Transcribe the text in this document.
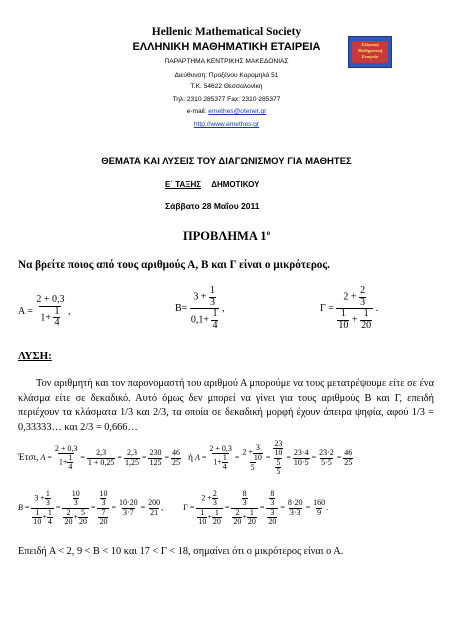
Hellenic Mathematical Society
ΕΛΛΗΝΙΚΗ ΜΑΘΗΜΑΤΙΚΗ ΕΤΑΙΡΕΙΑ
ΠΑΡΑΡΤΗΜΑ ΚΕΝΤΡΙΚΗΣ ΜΑΚΕΔΟΝΙΑΣ
Διεύθυνση: Προξένου Κορομηλά 51
Τ.Κ. 54622 Θεσσαλονίκη
Τηλ: 2310 285377 Fax: 2310 285377
e-mail: emethes@otenet.gr
http://www.emethes.gr
Ελληνική Μαθηματική Εταιρεία
ΘΕΜΑΤΑ ΚΑΙ ΛΥΣΕΙΣ ΤΟΥ ΔΙΑΓΩΝΙΣΜΟΥ ΓΙΑ ΜΑΘΗΤΕΣ
Ε΄ ΤΑΞΗΣ ΔΗΜΟΤΙΚΟΥ
Σάββατο 28 Μαΐου 2011
ΠΡΟΒΛΗΜΑ $1^o$
Να βρείτε ποιος από τους αριθμούς Α, Β και Γ είναι ο μικρότερος.
$A = \frac{2 + 0,3}{1+ \frac{1}{4}}$ ,	$B= \frac{3 + \frac{1}{3}}{0,1+ \frac{1}{4}}$ ,	$\Gamma = \frac{2 + \frac{2}{3}}{\frac{1}{10} + \frac{1}{20}}$ .
ΛΥΣΗ:
Τον αριθμητή και τον παρονομαστή του αριθμού Α μπορούμε να τους μετατρέψουμε είτε σε ένα κλάσμα είτε σε δεκαδικό. Αυτό όμως δεν μπορεί να γίνει για τους αριθμούς Β και Γ, επειδή περιέχουν τα κλάσματα 1/3 και 2/3, τα οποία σε δεκαδική μορφή έχουν άπειρα ψηφία, αφού 1/3 = 0,33333… και 2/3 = 0,666…
Έτσι, $A = \frac{2 + 0,3}{1+ \frac{1}{4}} = \frac{2,3}{1 + 0,25} = \frac{2,3}{1,25} = \frac{230}{125} = \frac{46}{25}$ ή $A = \frac{2 + 0,3}{1+ \frac{1}{4}} = \frac{2 + \frac{3}{10}}{5} = \frac{\frac{23}{10}}{\frac{5}{5}} = \frac{23\cdot 4}{10\cdot 5} = \frac{23\cdot 2}{5\cdot 5} = \frac{46}{25}$
$B = \frac{3 + \frac{1}{3}}{\frac{1}{10} + \frac{1}{4}} = \frac{\frac{10}{3}}{\frac{2}{20} + \frac{5}{20}} = \frac{\frac{10}{3}}{\frac{7}{20}} = \frac{10\cdot 20}{3\cdot 7} = \frac{200}{21}$ ,	$\Gamma = \frac{2 + \frac{2}{3}}{\frac{1}{10} + \frac{1}{20}} = \frac{\frac{8}{3}}{\frac{2}{20} + \frac{1}{20}} = \frac{\frac{8}{3}}{\frac{3}{20}} = \frac{8\cdot 20}{3\cdot 3} = \frac{160}{9}$ .
Επειδή Α < 2, 9 < Β < 10 και 17 < Γ < 18, σημαίνει ότι ο μικρότερος είναι ο Α.
